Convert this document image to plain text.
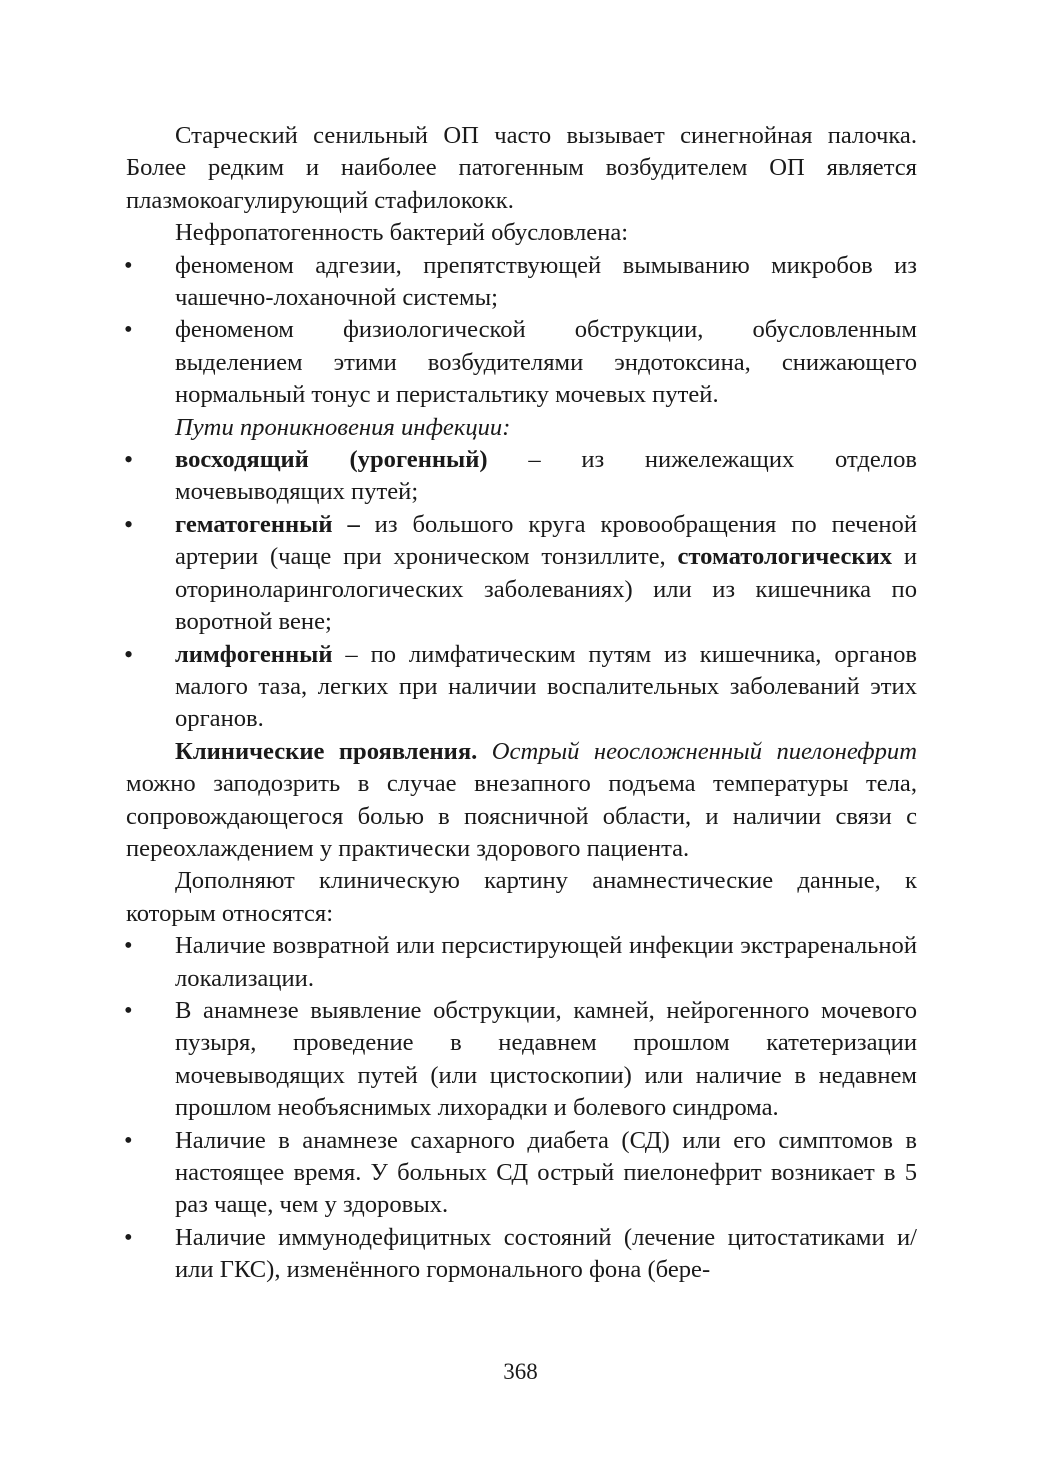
Старческий сенильный ОП часто вызывает синегнойная палочка. Более редким и наиболее патогенным возбудителем ОП является плазмокоагулирующий стафилококк.

Нефропатогенность бактерий обусловлена:

• феноменом адгезии, препятствующей вымыванию микробов из чашечно-лоханочной системы;
• феноменом физиологической обструкции, обусловленным выделением этими возбудителями эндотоксина, снижающего нормальный тонус и перистальтику мочевых путей.

Пути проникновения инфекции:

• восходящий (урогенный) – из нижележащих отделов мочевыводящих путей;
• гематогенный – из большого круга кровообращения по печеной артерии (чаще при хроническом тонзиллите, стоматологических и оториноларингологических заболеваниях) или из кишечника по воротной вене;
• лимфогенный – по лимфатическим путям из кишечника, органов малого таза, легких при наличии воспалительных заболеваний этих органов.

Клинические проявления. Острый неосложненный пиелонефрит можно заподозрить в случае внезапного подъема температуры тела, сопровождающегося болью в поясничной области, и наличии связи с переохлаждением у практически здорового пациента.

Дополняют клиническую картину анамнестические данные, к которым относятся:

• Наличие возвратной или персистирующей инфекции экстраренальной локализации.
• В анамнезе выявление обструкции, камней, нейрогенного мочевого пузыря, проведение в недавнем прошлом катетеризации мочевыводящих путей (или цистоскопии) или наличие в недавнем прошлом необъяснимых лихорадки и болевого синдрома.
• Наличие в анамнезе сахарного диабета (СД) или его симптомов в настоящее время. У больных СД острый пиелонефрит возникает в 5 раз чаще, чем у здоровых.
• Наличие иммунодефицитных состояний (лечение цитостатиками и/или ГКС), изменённого гормонального фона (бере-
368
